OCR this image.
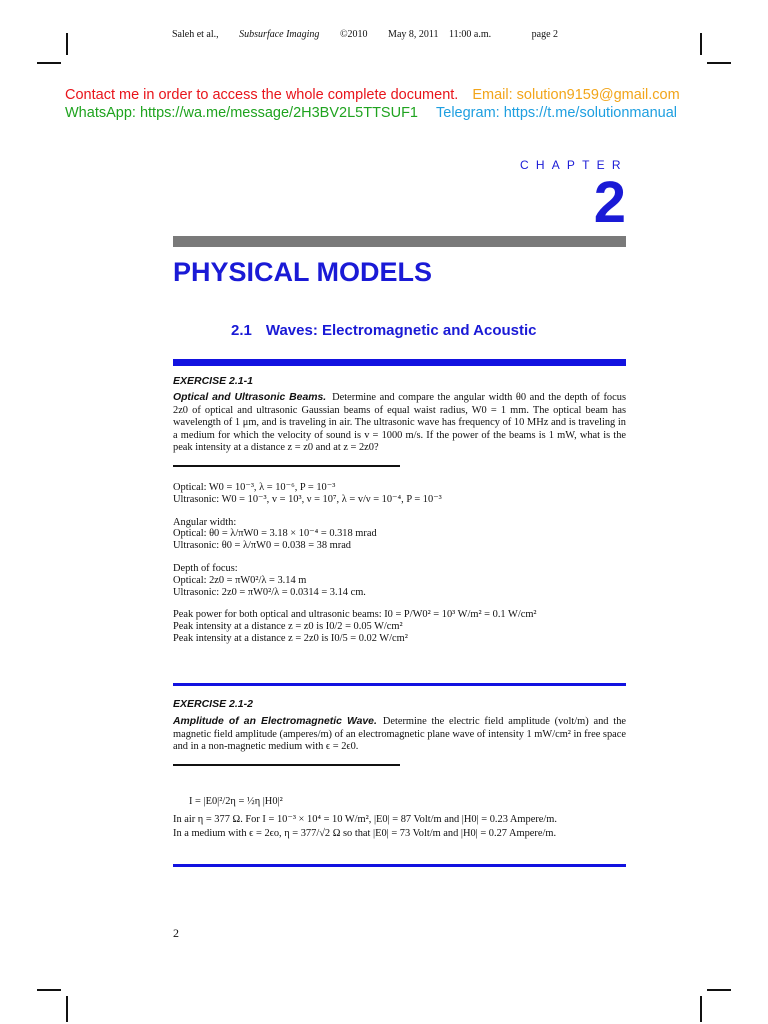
Saleh et al., Subsurface Imaging ©2010 May 8, 2011 11:00 a.m.	page 2
Contact me in order to access the whole complete document. Email: solution9159@gmail.com
WhatsApp: https://wa.me/message/2H3BV2L5TTSUF1 Telegram: https://t.me/solutionmanual
CHAPTER
2
PHYSICAL MODELS
2.1 Waves: Electromagnetic and Acoustic
EXERCISE 2.1-1
Optical and Ultrasonic Beams. Determine and compare the angular width θ0 and the depth of focus 2z0 of optical and ultrasonic Gaussian beams of equal waist radius, W0 = 1 mm. The optical beam has wavelength of 1 μm, and is traveling in air. The ultrasonic wave has frequency of 10 MHz and is traveling in a medium for which the velocity of sound is v = 1000 m/s. If the power of the beams is 1 mW, what is the peak intensity at a distance z = z0 and at z = 2z0?
Optical: W0 = 10⁻³, λ = 10⁻⁶, P = 10⁻³
Ultrasonic: W0 = 10⁻³, v = 10³, ν = 10⁷, λ = v/ν = 10⁻⁴, P = 10⁻³
Angular width:
Optical: θ0 = λ/πW0 = 3.18 × 10⁻⁴ = 0.318 mrad
Ultrasonic: θ0 = λ/πW0 = 0.038 = 38 mrad
Depth of focus:
Optical: 2z0 = πW0²/λ = 3.14 m
Ultrasonic: 2z0 = πW0²/λ = 0.0314 = 3.14 cm.
Peak power for both optical and ultrasonic beams: I0 = P/W0² = 10³ W/m² = 0.1 W/cm²
Peak intensity at a distance z = z0 is I0/2 = 0.05 W/cm²
Peak intensity at a distance z = 2z0 is I0/5 = 0.02 W/cm²
EXERCISE 2.1-2
Amplitude of an Electromagnetic Wave. Determine the electric field amplitude (volt/m) and the magnetic field amplitude (amperes/m) of an electromagnetic plane wave of intensity 1 mW/cm² in free space and in a non-magnetic medium with ϵ = 2ϵ0.
I = |E0|²/2η = ½η |H0|²
In air η = 377 Ω. For I = 10⁻³ × 10⁴ = 10 W/m², |E0| = 87 Volt/m and |H0| = 0.23 Ampere/m.
In a medium with ϵ = 2ϵo, η = 377/√2 Ω so that |E0| = 73 Volt/m and |H0| = 0.27 Ampere/m.
2
